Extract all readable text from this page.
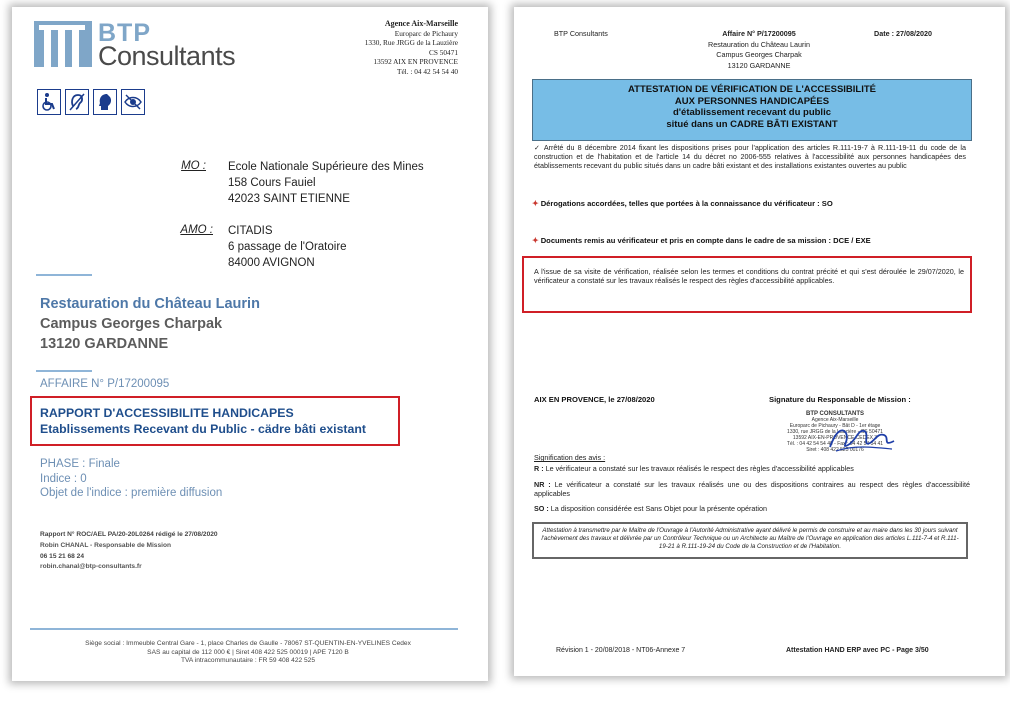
BTP
Consultants
Agence Aix-Marseille
Europarc de Pichaury
1330, Rue JRGG de la Lauzière
CS 50471
13592 AIX EN PROVENCE
Tél. : 04 42 54 54 40
MO : Ecole Nationale Supérieure des Mines
158 Cours Fauiel
42023 SAINT ETIENNE
AMO : CITADIS
6 passage de l'Oratoire
84000 AVIGNON
Restauration du Château Laurin
Campus Georges Charpak
13120 GARDANNE
AFFAIRE N° P/17200095
RAPPORT D'ACCESSIBILITE HANDICAPES
Etablissements Recevant du Public - cädre bâti existant
PHASE : Finale
Indice : 0
Objet de l'indice : première diffusion
Rapport N° ROC/AEL PA/20-20L0264 rédigé le 27/08/2020
Robin CHANAL - Responsable de Mission
06 15 21 68 24
robin.chanal@btp-consultants.fr
Siège social : Immeuble Central Gare - 1, place Charles de Gaulle - 78067 ST-QUENTIN-EN-YVELINES Cedex
SAS au capital de 112 000 € | Siret 408 422 525 00019 | APE 7120 B
TVA intracommunautaire : FR 59 408 422 525
BTP Consultants	Affaire N° P/17200095
Restauration du Château Laurin
Campus Georges Charpak
13120 GARDANNE
Date : 27/08/2020
ATTESTATION DE VÉRIFICATION DE L'ACCESSIBILITÉ
AUX PERSONNES HANDICAPÉES
d'établissement recevant du public
situé dans un CADRE BÂTI EXISTANT
✓ Arrêté du 8 décembre 2014 fixant les dispositions prises pour l'application des articles R.111-19-7 à R.111-19-11 du code de la construction et de l'habitation et de l'article 14 du décret no 2006-555 relatives à l'accessibilité aux personnes handicapées des établissements recevant du public situés dans un cadre bâti existant et des installations existantes ouvertes au public
✦ Dérogations accordées, telles que portées à la connaissance du vérificateur : SO
✦ Documents remis au vérificateur et pris en compte dans le cadre de sa mission : DCE / EXE
A l'issue de sa visite de vérification, réalisée selon les termes et conditions du contrat précité et qui s'est déroulée le 29/07/2020, le vérificateur a constaté sur les travaux réalisés le respect des règles d'accessibilité applicables.
AIX EN PROVENCE, le 27/08/2020	Signature du Responsable de Mission :
BTP CONSULTANTS
Agence Aix-Marseille
Europarc de Pichaury - Bât D - 1er étage
1330, rue JRGG de la Lauzière - CS 50471
13592 AIX-EN-PROVENCE CEDEX 3
Tél. : 04 42 54 54 40 - Fax : 04 42 54 54 41
Siret : 408 422 525 00176
Signification des avis :
R : Le vérificateur a constaté sur les travaux réalisés le respect des règles d'accessibilité applicables
NR : Le vérificateur a constaté sur les travaux réalisés une ou des dispositions contraires au respect des règles d'accessibilité applicables
SO : La disposition considérée est Sans Objet pour la présente opération
Attestation à transmettre par le Maître de l'Ouvrage à l'Autorité Administrative ayant délivré le permis de construire et au maire dans les 30 jours suivant l'achèvement des travaux et délivrée par un Contrôleur Technique ou un Architecte au Maître de l'Ouvrage en application des articles L.111-7-4 et R.111-19-21 à R.111-19-24 du Code de la Construction et de l'Habitation.
Révision 1 - 20/08/2018 - NT06-Annexe 7	Attestation HAND ERP avec PC - Page 3/50
